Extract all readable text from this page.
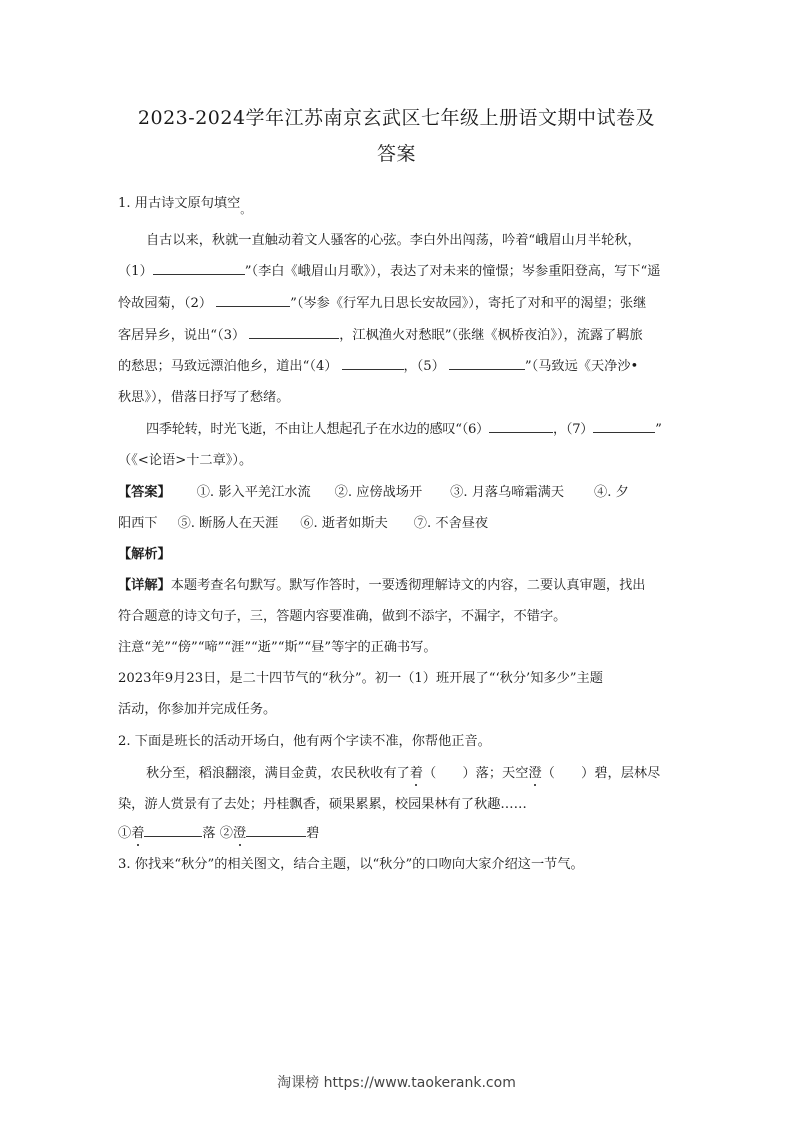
2023-2024学年江苏南京玄武区七年级上册语文期中试卷及
答案
1. 用古诗文原句填空$_。$
自古以来，秋就一直触动着文人骚客的心弦。李白外出闯荡，吟着“峨眉山月半轮秋，
（1）	”（李白《峨眉山月歌》），表达了对未来的憧憬；岑参重阳登高，写下“遥
怜故园菊，（2）	”（岑参《行军九日思长安故园》），寄托了对和平的渴望；张继
客居异乡，说出“（3）	，江枫渔火对愁眠”（张继《枫桥夜泊》），流露了羁旅
的愁思；马致远漂泊他乡，道出“（4）	，（5）	”（马致远《天净沙•
秋思》），借落日抒写了愁绪。
四季轮转，时光飞逝，不由让人想起孔子在水边的感叹“（6）	，（7）	”
（《<论语>十二章》）。
【答案】 ①. 影入平羌江水流 ②. 应傍战场开 ③. 月落乌啼霜满天 ④. 夕
阳西下 ⑤. 断肠人在天涯 ⑥. 逝者如斯夫 ⑦. 不舍昼夜
【解析】
【详解】本题考查名句默写。默写作答时，一要透彻理解诗文的内容，二要认真审题，找出
符合题意的诗文句子，三，答题内容要准确，做到不添字，不漏字，不错字。
注意“羌”“傍”“啼”“涯”“逝”“斯”“昼”等字的正确书写。
2023年9月23日，是二十四节气的“秋分”。初一（1）班开展了“‘秋分’知多少”主题
活动，你参加并完成任务。
2. 下面是班长的活动开场白，他有两个字读不准，你帮他正音。
秋分至，稻浪翻滚，满目金黄，农民秋收有了着（　　）落；天空澄（　　）碧，层林尽
染，游人赏景有了去处；丹桂飘香，硕果累累，校园果林有了秋趣……
①着	落 ②澄	碧
3. 你找来“秋分”的相关图文，结合主题，以“秋分”的口吻向大家介绍这一节气。
淘课榜 https://www.taokerank.com
